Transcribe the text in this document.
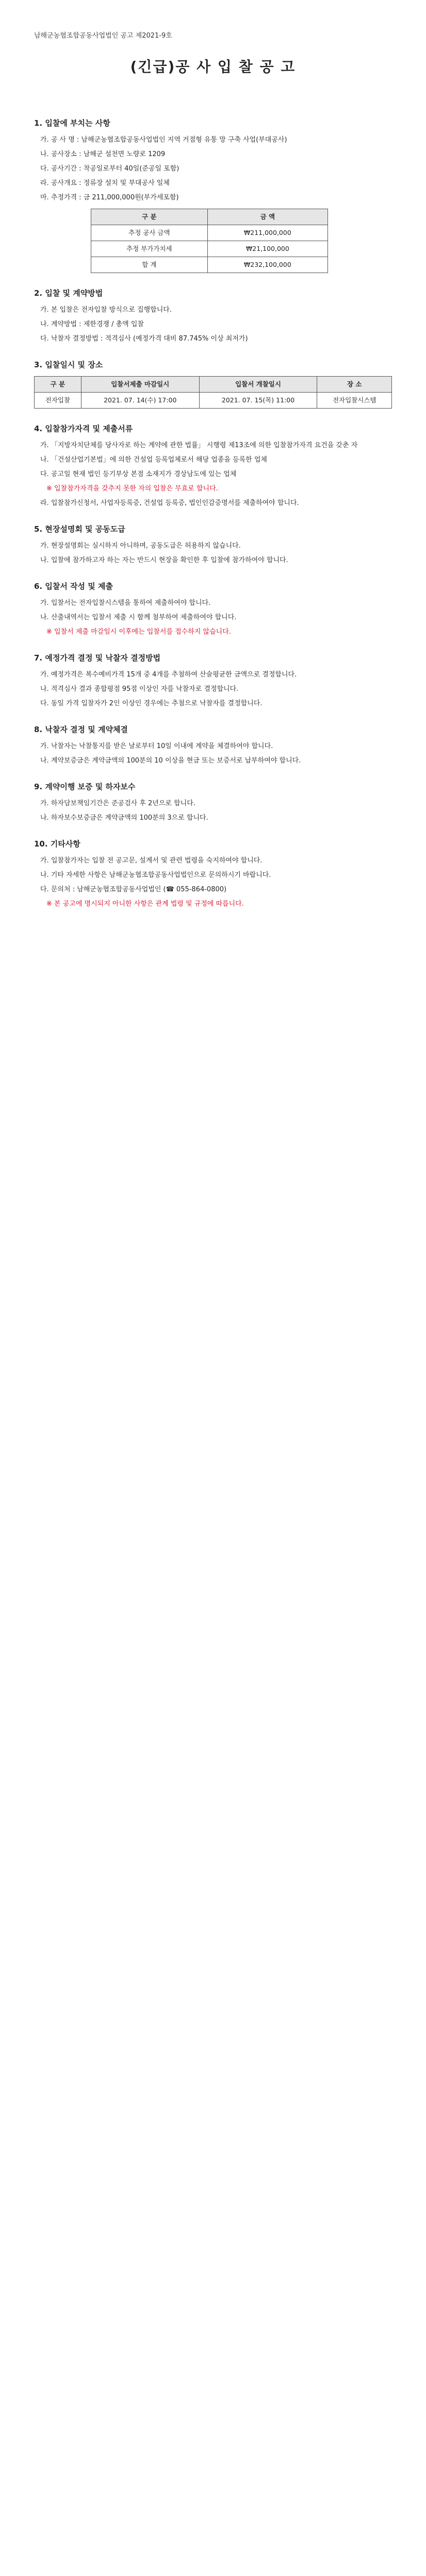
남해군농협조합공동사업법인 공고 제2021-9호
(긴급)공 사 입 찰 공 고
1. 입찰에 부치는 사항
가. 공 사 명 : 남해군농협조합공동사업법인 지역 거점형 유통 망 구축 사업(부대공사)
나. 공사장소 : 남해군 설천면 노량로 1209
다. 공사기간 : 착공일로부터 40일(준공일 포함)
라. 공사개요 : 정류장 설치 및 부대공사 일체
마. 추정가격 : 금 211,000,000원(부가세포함)
구 분	금 액
추정 공사 금액	₩211,000,000
추정 부가가치세	₩21,100,000
합 계	₩232,100,000
2. 입찰 및 계약방법
가. 본 입찰은 전자입찰 방식으로 집행합니다.
나. 계약방법 : 제한경쟁 / 총액 입찰
다. 낙찰자 결정방법 : 적격심사 (예정가격 대비 87.745% 이상 최저가)
3. 입찰일시 및 장소
구 분	입찰서제출 마감일시	입찰서 개찰일시	장 소
전자입찰	2021. 07. 14(수) 17:00	2021. 07. 15(목) 11:00	전자입찰시스템
4. 입찰참가자격 및 제출서류
가. 「지방자치단체를 당사자로 하는 계약에 관한 법률」 시행령 제13조에 의한 입찰참가자격 요건을 갖춘 자
나. 「건설산업기본법」에 의한 건설업 등록업체로서 해당 업종을 등록한 업체
다. 공고일 현재 법인 등기부상 본점 소재지가 경상남도에 있는 업체
※ 입찰참가자격을 갖추지 못한 자의 입찰은 무효로 합니다.
라. 입찰참가신청서, 사업자등록증, 건설업 등록증, 법인인감증명서를 제출하여야 합니다.
5. 현장설명회 및 공동도급
가. 현장설명회는 실시하지 아니하며, 공동도급은 허용하지 않습니다.
나. 입찰에 참가하고자 하는 자는 반드시 현장을 확인한 후 입찰에 참가하여야 합니다.
6. 입찰서 작성 및 제출
가. 입찰서는 전자입찰시스템을 통하여 제출하여야 합니다.
나. 산출내역서는 입찰서 제출 시 함께 첨부하여 제출하여야 합니다.
※ 입찰서 제출 마감일시 이후에는 입찰서를 접수하지 않습니다.
7. 예정가격 결정 및 낙찰자 결정방법
가. 예정가격은 복수예비가격 15개 중 4개를 추첨하여 산술평균한 금액으로 결정합니다.
나. 적격심사 결과 종합평점 95점 이상인 자를 낙찰자로 결정합니다.
다. 동일 가격 입찰자가 2인 이상인 경우에는 추첨으로 낙찰자를 결정합니다.
8. 낙찰자 결정 및 계약체결
가. 낙찰자는 낙찰통지를 받은 날로부터 10일 이내에 계약을 체결하여야 합니다.
나. 계약보증금은 계약금액의 100분의 10 이상을 현금 또는 보증서로 납부하여야 합니다.
9. 계약이행 보증 및 하자보수
가. 하자담보책임기간은 준공검사 후 2년으로 합니다.
나. 하자보수보증금은 계약금액의 100분의 3으로 합니다.
10. 기타사항
가. 입찰참가자는 입찰 전 공고문, 설계서 및 관련 법령을 숙지하여야 합니다.
나. 기타 자세한 사항은 남해군농협조합공동사업법인으로 문의하시기 바랍니다.
다. 문의처 : 남해군농협조합공동사업법인 (☎ 055-864-0800)
※ 본 공고에 명시되지 아니한 사항은 관계 법령 및 규정에 따릅니다.
